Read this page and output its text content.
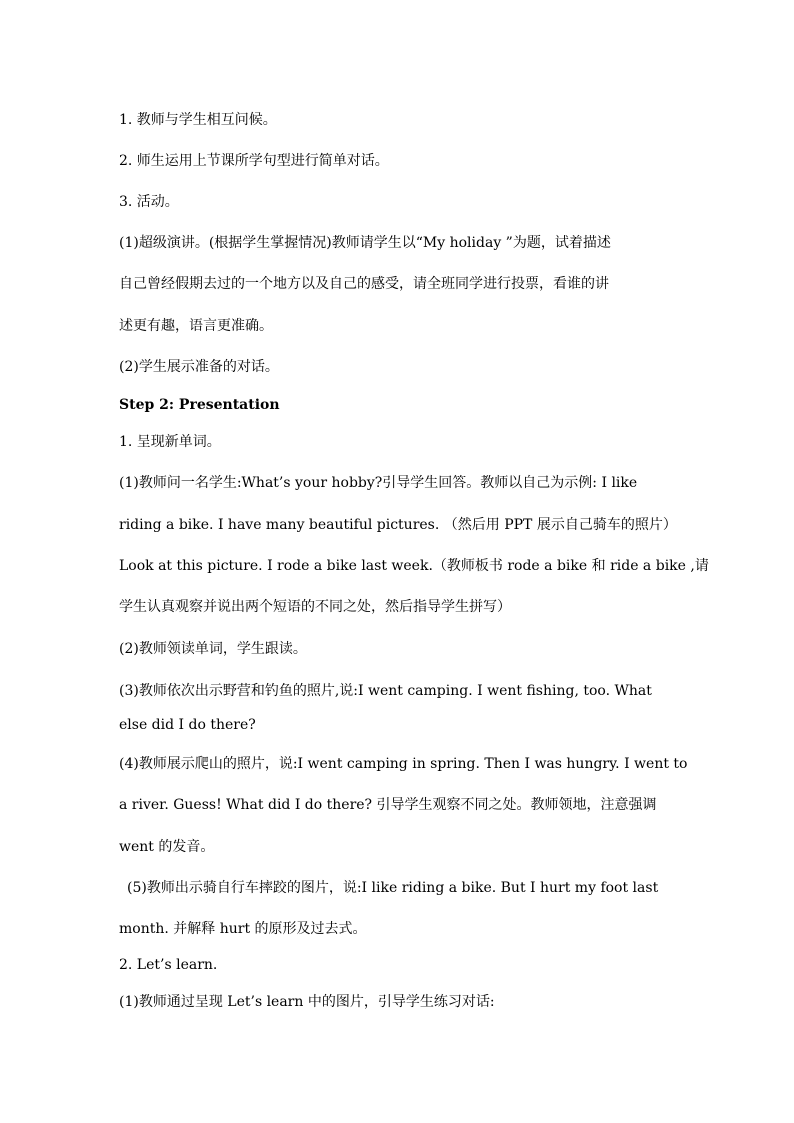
1. 教师与学生相互问候。
2. 师生运用上节课所学句型进行简单对话。
3. 活动。
(1)超级演讲。(根据学生掌握情况)教师请学生以“My holiday ”为题，试着描述
自己曾经假期去过的一个地方以及自己的感受，请全班同学进行投票，看谁的讲
述更有趣，语言更准确。
(2)学生展示准备的对话。
Step 2: Presentation
1. 呈现新单词。
(1)教师问一名学生:What’s your hobby?引导学生回答。教师以自己为示例: I like
riding a bike. I have many beautiful pictures. （然后用 PPT 展示自己骑车的照片）
Look at this picture. I rode a bike last week.（教师板书 rode a bike 和 ride a bike ,请
学生认真观察并说出两个短语的不同之处，然后指导学生拼写）
(2)教师领读单词，学生跟读。
(3)教师依次出示野营和钓鱼的照片,说:I went camping. I went fishing, too. What
else did I do there?
(4)教师展示爬山的照片，说:I went camping in spring. Then I was hungry. I went to
a river. Guess! What did I do there? 引导学生观察不同之处。教师领地，注意强调
went 的发音。
(5)教师出示骑自行车摔跤的图片，说:I like riding a bike. But I hurt my foot last
month. 并解释 hurt 的原形及过去式。
2. Let’s learn.
(1)教师通过呈现 Let’s learn 中的图片，引导学生练习对话:
